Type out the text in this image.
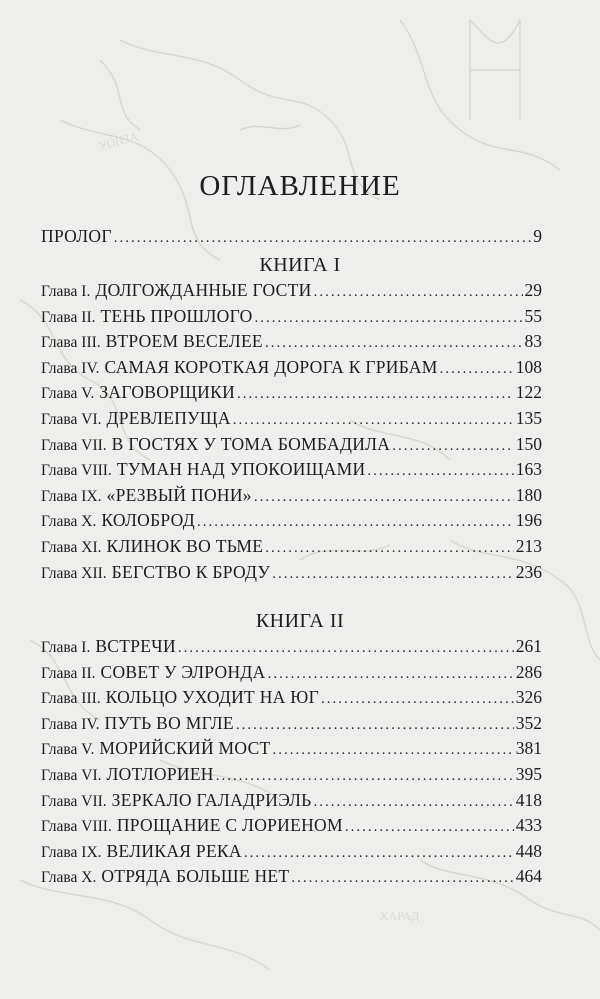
УОНЗА
ХАРАД
ОГЛАВЛЕНИЕ
ПРОЛОГ .....	9
КНИГА I
Глава I. ДОЛГОЖДАННЫЕ ГОСТИ .....	29
Глава II. ТЕНЬ ПРОШЛОГО .....	55
Глава III. ВТРОЕМ ВЕСЕЛЕЕ .....	83
Глава IV. САМАЯ КОРОТКАЯ ДОРОГА К ГРИБАМ .....	108
Глава V. ЗАГОВОРЩИКИ .....	122
Глава VI. ДРЕВЛЕПУЩА .....	135
Глава VII. В ГОСТЯХ У ТОМА БОМБАДИЛА .....	150
Глава VIII. ТУМАН НАД УПОКОИЩАМИ .....	163
Глава IX. «РЕЗВЫЙ ПОНИ» .....	180
Глава X. КОЛОБРОД .....	196
Глава XI. КЛИНОК ВО ТЬМЕ .....	213
Глава XII. БЕГСТВО К БРОДУ .....	236
КНИГА II
Глава I. ВСТРЕЧИ .....	261
Глава II. СОВЕТ У ЭЛРОНДА .....	286
Глава III. КОЛЬЦО УХОДИТ НА ЮГ .....	326
Глава IV. ПУТЬ ВО МГЛЕ .....	352
Глава V. МОРИЙСКИЙ МОСТ .....	381
Глава VI. ЛОТЛОРИЕН .....	395
Глава VII. ЗЕРКАЛО ГАЛАДРИЭЛЬ .....	418
Глава VIII. ПРОЩАНИЕ С ЛОРИЕНОМ .....	433
Глава IX. ВЕЛИКАЯ РЕКА .....	448
Глава X. ОТРЯДА БОЛЬШЕ НЕТ .....	464
